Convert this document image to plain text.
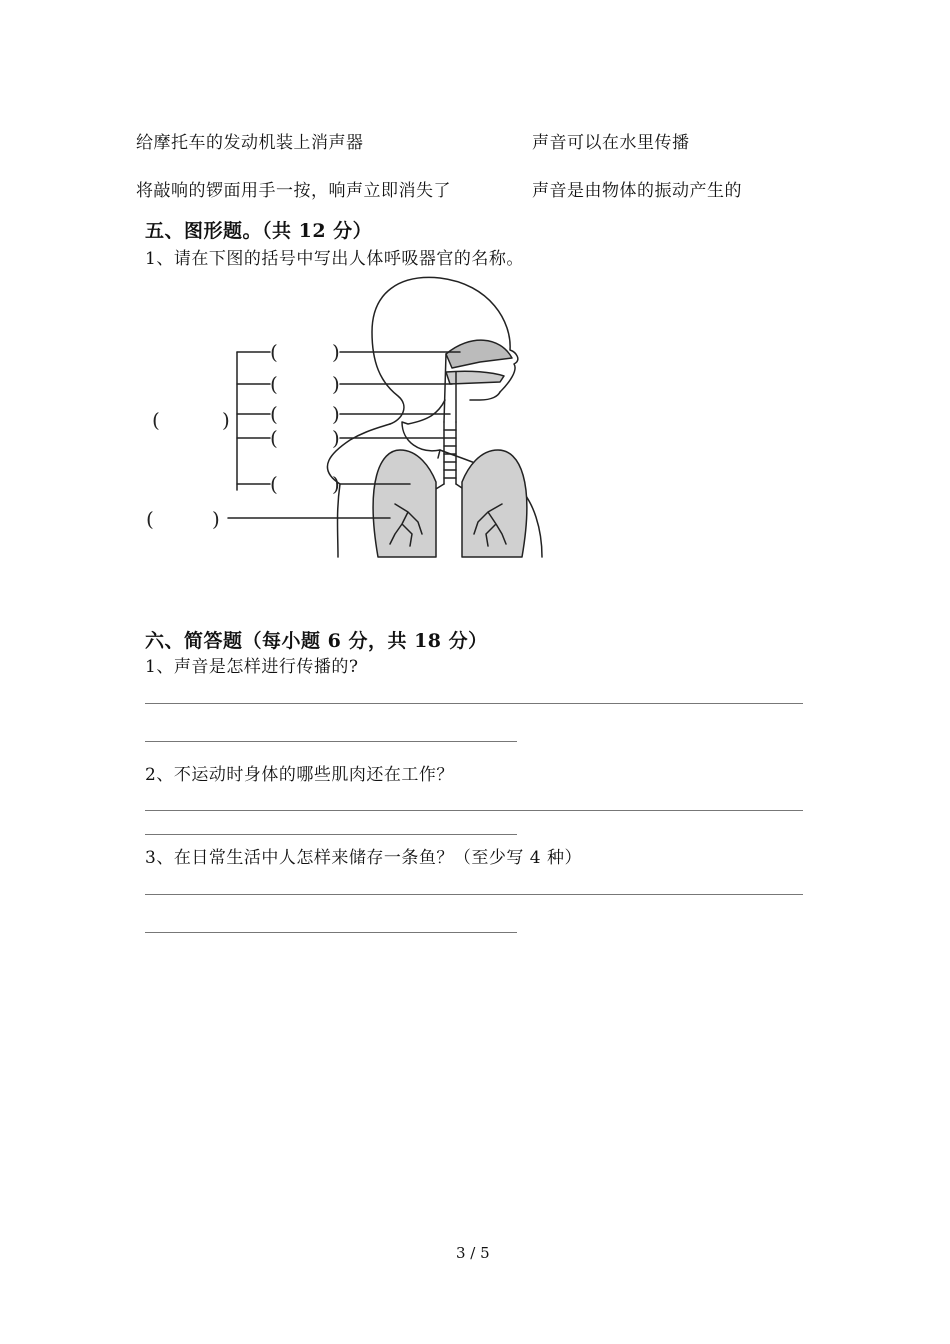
给摩托车的发动机装上消声器	声音可以在水里传播
将敲响的锣面用手一按，响声立即消失了	声音是由物体的振动产生的
五、图形题。（共 12 分）
1、请在下图的括号中写出人体呼吸器官的名称。
(	)
(	)
(	)
(	)
(	)
(	)
(	)
六、简答题（每小题 6 分，共 18 分）
1、声音是怎样进行传播的?
2、不运动时身体的哪些肌肉还在工作？
3、在日常生活中人怎样来储存一条鱼？（至少写 4 种）
3 / 5
